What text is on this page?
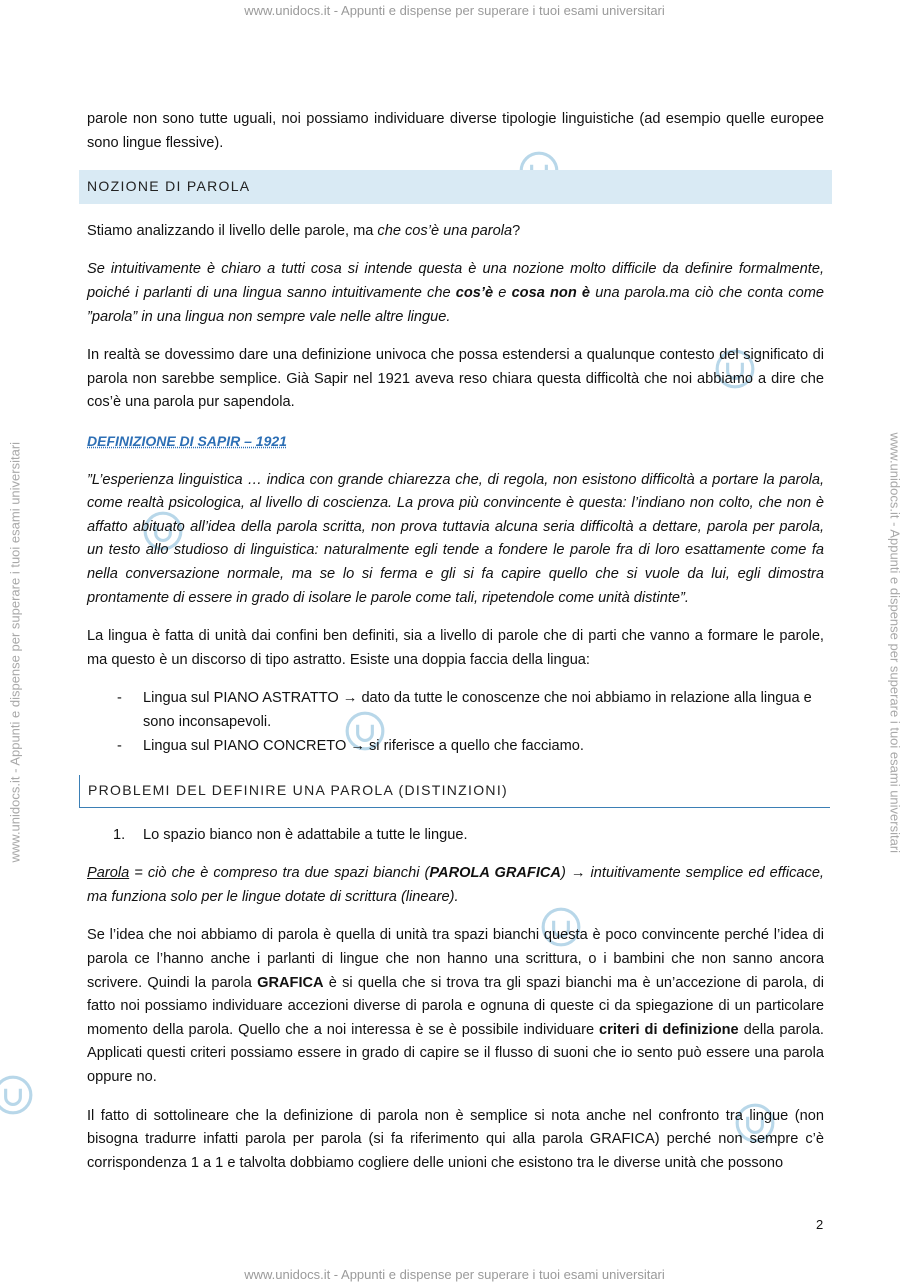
www.unidocs.it - Appunti e dispense per superare i tuoi esami universitari
www.unidocs.it - Appunti e dispense per superare i tuoi esami universitari
www.unidocs.it - Appunti e dispense per superare i tuoi esami universitari	www.unidocs.it - Appunti e dispense per superare i tuoi esami universitari

parole non sono tutte uguali, noi possiamo individuare diverse tipologie linguistiche (ad esempio quelle europee sono lingue flessive).

NOZIONE DI PAROLA

Stiamo analizzando il livello delle parole, ma che cos’è una parola?

Se intuitivamente è chiaro a tutti cosa si intende questa è una nozione molto difficile da definire formalmente, poiché i parlanti di una lingua sanno intuitivamente che cos’è e cosa non è una parola.ma ciò che conta come ”parola” in una lingua non sempre vale nelle altre lingue.

In realtà se dovessimo dare una definizione univoca che possa estendersi a qualunque contesto del significato di parola non sarebbe semplice. Già Sapir nel 1921 aveva reso chiara questa difficoltà che noi abbiamo a dire che cos’è una parola pur sapendola.

DEFINIZIONE DI SAPIR – 1921

”L’esperienza linguistica … indica con grande chiarezza che, di regola, non esistono difficoltà a portare la parola, come realtà psicologica, al livello di coscienza. La prova più convincente è questa: l’indiano non colto, che non è affatto abituato all’idea della parola scritta, non prova tuttavia alcuna seria difficoltà a dettare, parola per parola, un testo allo studioso di linguistica: naturalmente egli tende a fondere le parole fra di loro esattamente come fa nella conversazione normale, ma se lo si ferma e gli si fa capire quello che si vuole da lui, egli dimostra prontamente di essere in grado di isolare le parole come tali, ripetendole come unità distinte”.

La lingua è fatta di unità dai confini ben definiti, sia a livello di parole che di parti che vanno a formare le parole, ma questo è un discorso di tipo astratto. Esiste una doppia faccia della lingua:

- Lingua sul PIANO ASTRATTO → dato da tutte le conoscenze che noi abbiamo in relazione alla lingua e sono inconsapevoli.
- Lingua sul PIANO CONCRETO → si riferisce a quello che facciamo.
PROBLEMI DEL DEFINIRE UNA PAROLA (DISTINZIONI)
1. Lo spazio bianco non è adattabile a tutte le lingue.

Parola = ciò che è compreso tra due spazi bianchi (PAROLA GRAFICA) → intuitivamente semplice ed efficace, ma funziona solo per le lingue dotate di scrittura (lineare).

Se l’idea che noi abbiamo di parola è quella di unità tra spazi bianchi questa è poco convincente perché l’idea di parola ce l’hanno anche i parlanti di lingue che non hanno una scrittura, o i bambini che non sanno ancora scrivere. Quindi la parola GRAFICA è si quella che si trova tra gli spazi bianchi ma è un’accezione di parola, di fatto noi possiamo individuare accezioni diverse di parola e ognuna di queste ci da spiegazione di un particolare momento della parola. Quello che a noi interessa è se è possibile individuare criteri di definizione della parola. Applicati questi criteri possiamo essere in grado di capire se il flusso di suoni che io sento può essere una parola oppure no.

Il fatto di sottolineare che la definizione di parola non è semplice si nota anche nel confronto tra lingue (non bisogna tradurre infatti parola per parola (si fa riferimento qui alla parola GRAFICA) perché non sempre c’è corrispondenza 1 a 1 e talvolta dobbiamo cogliere delle unioni che esistono tra le diverse unità che possono

2
